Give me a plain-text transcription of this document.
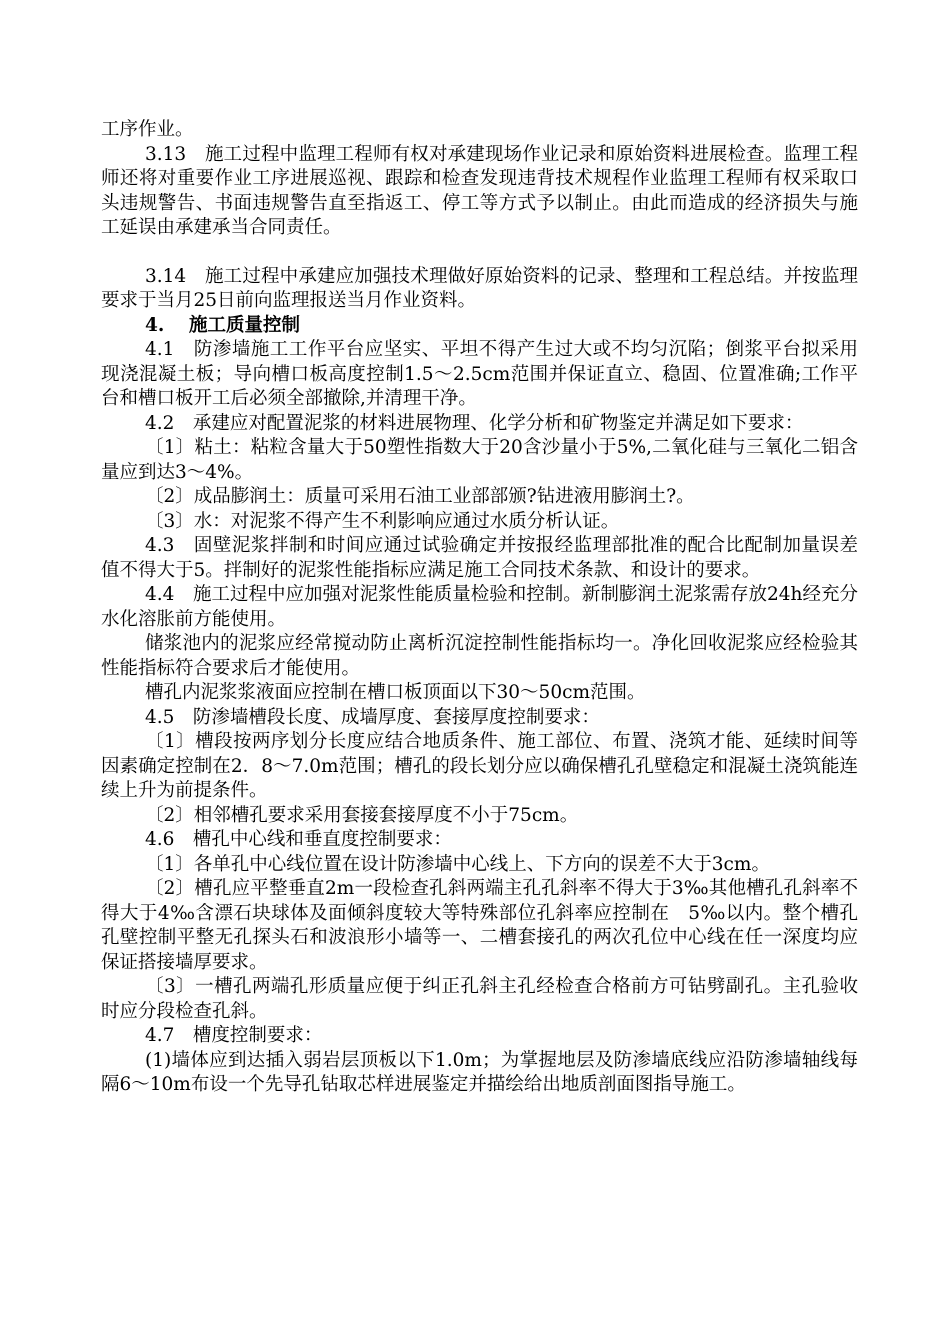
工序作业。

3.13　施工过程中监理工程师有权对承建现场作业记录和原始资料进展检查。监理工程师还将对重要作业工序进展巡视、跟踪和检查发现违背技术规程作业监理工程师有权采取口头违规警告、书面违规警告直至指返工、停工等方式予以制止。由此而造成的经济损失与施工延误由承建承当合同责任。

3.14　施工过程中承建应加强技术理做好原始资料的记录、整理和工程总结。并按监理要求于当月25日前向监理报送当月作业资料。

4. 施工质量控制

4.1　防渗墙施工工作平台应坚实、平坦不得产生过大或不均匀沉陷；倒浆平台拟采用现浇混凝土板；导向槽口板高度控制1.5～2.5cm范围并保证直立、稳固、位置准确;工作平台和槽口板开工后必须全部撤除,并清理干净。

4.2　承建应对配置泥浆的材料进展物理、化学分析和矿物鉴定并满足如下要求：

〔1〕粘土：粘粒含量大于50塑性指数大于20含沙量小于5%,二氧化硅与三氧化二铝含量应到达3～4%。

〔2〕成品膨润土：质量可采用石油工业部部颁?钻进液用膨润土?。

〔3〕水：对泥浆不得产生不利影响应通过水质分析认证。

4.3　固壁泥浆拌制和时间应通过试验确定并按报经监理部批准的配合比配制加量误差值不得大于5。拌制好的泥浆性能指标应满足施工合同技术条款、和设计的要求。

4.4　施工过程中应加强对泥浆性能质量检验和控制。新制膨润土泥浆需存放24h经充分水化溶胀前方能使用。

储浆池内的泥浆应经常搅动防止离析沉淀控制性能指标均一。净化回收泥浆应经检验其性能指标符合要求后才能使用。

槽孔内泥浆浆液面应控制在槽口板顶面以下30～50cm范围。

4.5　防渗墙槽段长度、成墙厚度、套接厚度控制要求：

〔1〕槽段按两序划分长度应结合地质条件、施工部位、布置、浇筑才能、延续时间等因素确定控制在2．8～7.0m范围；槽孔的段长划分应以确保槽孔孔壁稳定和混凝土浇筑能连续上升为前提条件。

〔2〕相邻槽孔要求采用套接套接厚度不小于75cm。

4.6　槽孔中心线和垂直度控制要求：

〔1〕各单孔中心线位置在设计防渗墙中心线上、下方向的误差不大于3cm。

〔2〕槽孔应平整垂直2m一段检查孔斜两端主孔孔斜率不得大于3‰其他槽孔孔斜率不得大于4‰含漂石块球体及面倾斜度较大等特殊部位孔斜率应控制在　5‰以内。整个槽孔孔壁控制平整无孔探头石和波浪形小墙等一、二槽套接孔的两次孔位中心线在任一深度均应保证搭接墙厚要求。

〔3〕一槽孔两端孔形质量应便于纠正孔斜主孔经检查合格前方可钻劈副孔。主孔验收时应分段检查孔斜。

4.7　槽度控制要求：

(1)墙体应到达插入弱岩层顶板以下1.0m；为掌握地层及防渗墙底线应沿防渗墙轴线每隔6～10m布设一个先导孔钻取芯样进展鉴定并描绘给出地质剖面图指导施工。
